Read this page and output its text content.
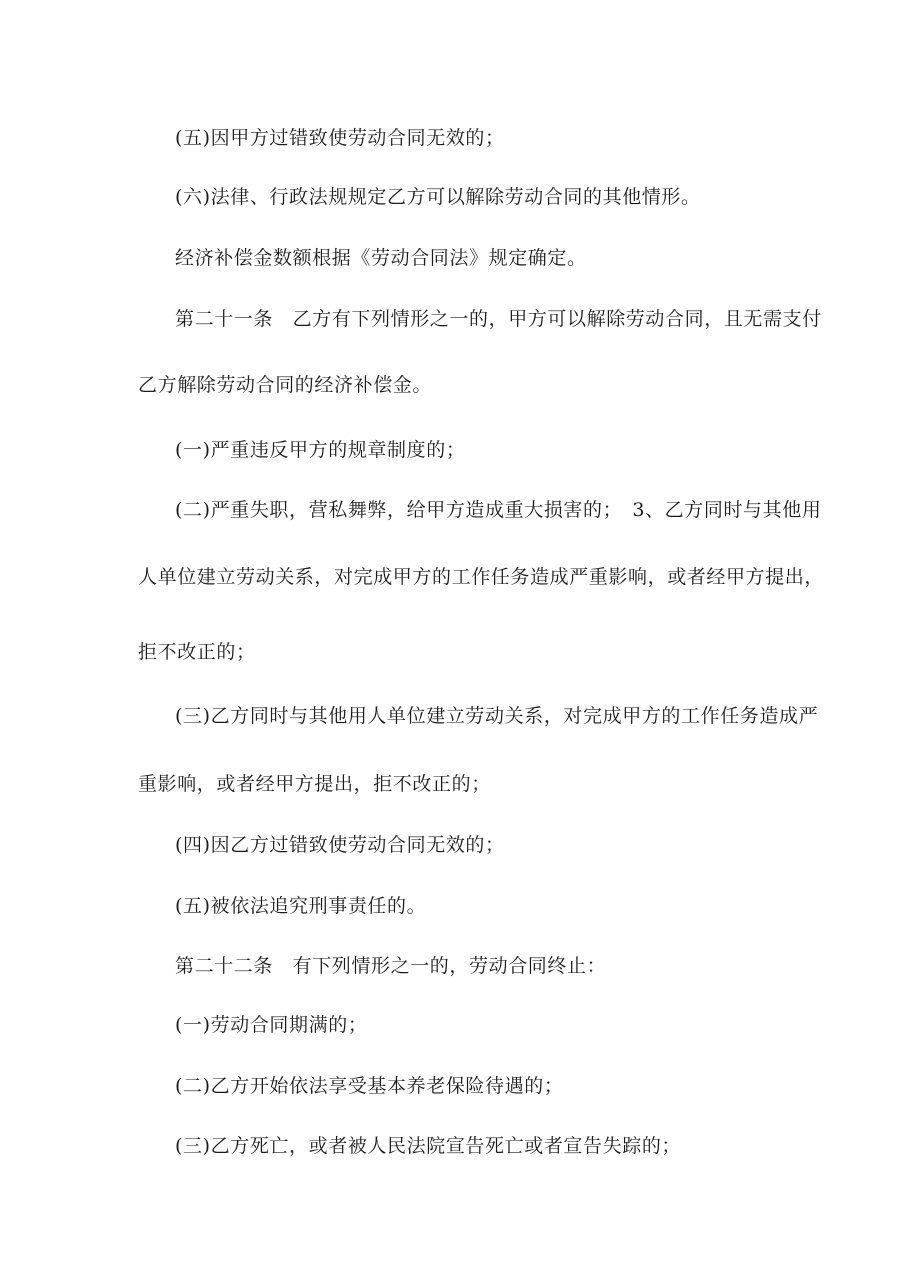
(五)因甲方过错致使劳动合同无效的；
(六)法律、行政法规规定乙方可以解除劳动合同的其他情形。
经济补偿金数额根据《劳动合同法》规定确定。
第二十一条　乙方有下列情形之一的，甲方可以解除劳动合同，且无需支付
乙方解除劳动合同的经济补偿金。
(一)严重违反甲方的规章制度的；
(二)严重失职，营私舞弊，给甲方造成重大损害的；　3、乙方同时与其他用
人单位建立劳动关系，对完成甲方的工作任务造成严重影响，或者经甲方提出，
拒不改正的；
(三)乙方同时与其他用人单位建立劳动关系，对完成甲方的工作任务造成严
重影响，或者经甲方提出，拒不改正的；
(四)因乙方过错致使劳动合同无效的；
(五)被依法追究刑事责任的。
第二十二条　有下列情形之一的，劳动合同终止：
(一)劳动合同期满的；
(二)乙方开始依法享受基本养老保险待遇的；
(三)乙方死亡，或者被人民法院宣告死亡或者宣告失踪的；
